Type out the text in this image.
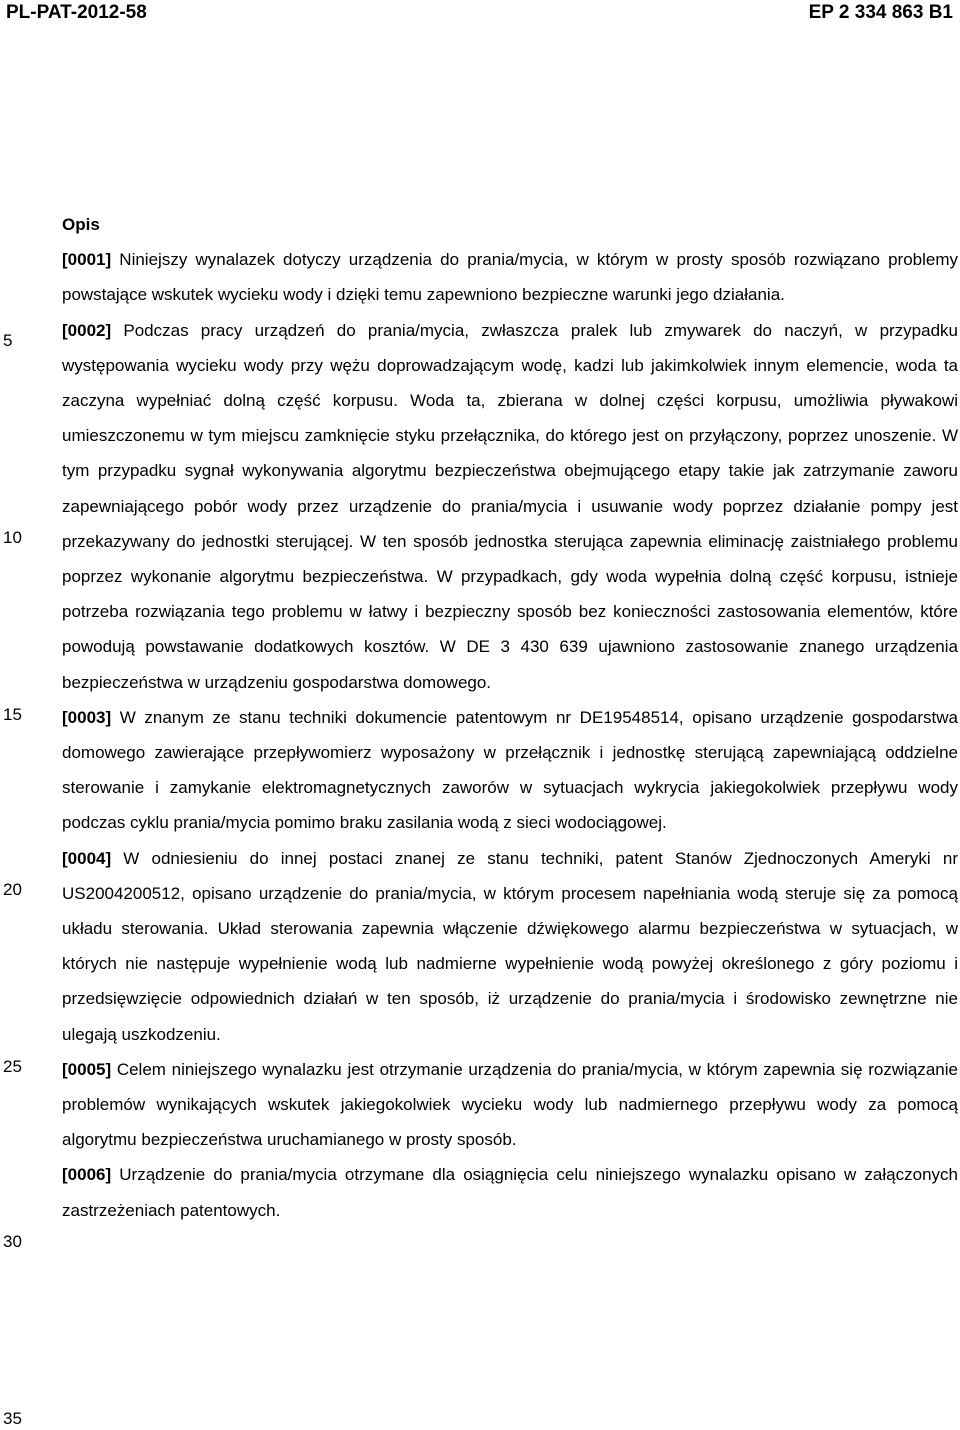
PL-PAT-2012-58	EP 2 334 863 B1
5
10
15
20
25
30
35

Opis

[0001] Niniejszy wynalazek dotyczy urządzenia do prania/mycia, w którym w prosty sposób rozwiązano problemy powstające wskutek wycieku wody i dzięki temu zapewniono bezpieczne warunki jego działania.

[0002] Podczas pracy urządzeń do prania/mycia, zwłaszcza pralek lub zmywarek do naczyń, w przypadku występowania wycieku wody przy wężu doprowadzającym wodę, kadzi lub jakimkolwiek innym elemencie, woda ta zaczyna wypełniać dolną część korpusu. Woda ta, zbierana w dolnej części korpusu, umożliwia pływakowi umieszczonemu w tym miejscu zamknięcie styku przełącznika, do którego jest on przyłączony, poprzez unoszenie. W tym przypadku sygnał wykonywania algorytmu bezpieczeństwa obejmującego etapy takie jak zatrzymanie zaworu zapewniającego pobór wody przez urządzenie do prania/mycia i usuwanie wody poprzez działanie pompy jest przekazywany do jednostki sterującej. W ten sposób jednostka sterująca zapewnia eliminację zaistniałego problemu poprzez wykonanie algorytmu bezpieczeństwa. W przypadkach, gdy woda wypełnia dolną część korpusu, istnieje potrzeba rozwiązania tego problemu w łatwy i bezpieczny sposób bez konieczności zastosowania elementów, które powodują powstawanie dodatkowych kosztów. W DE 3 430 639 ujawniono zastosowanie znanego urządzenia bezpieczeństwa w urządzeniu gospodarstwa domowego.

[0003] W znanym ze stanu techniki dokumencie patentowym nr DE19548514, opisano urządzenie gospodarstwa domowego zawierające przepływomierz wyposażony w przełącznik i jednostkę sterującą zapewniającą oddzielne sterowanie i zamykanie elektromagnetycznych zaworów w sytuacjach wykrycia jakiegokolwiek przepływu wody podczas cyklu prania/mycia pomimo braku zasilania wodą z sieci wodociągowej.

[0004] W odniesieniu do innej postaci znanej ze stanu techniki, patent Stanów Zjednoczonych Ameryki nr US2004200512, opisano urządzenie do prania/mycia, w którym procesem napełniania wodą steruje się za pomocą układu sterowania. Układ sterowania zapewnia włączenie dźwiękowego alarmu bezpieczeństwa w sytuacjach, w których nie następuje wypełnienie wodą lub nadmierne wypełnienie wodą powyżej określonego z góry poziomu i przedsięwzięcie odpowiednich działań w ten sposób, iż urządzenie do prania/mycia i środowisko zewnętrzne nie ulegają uszkodzeniu.

[0005] Celem niniejszego wynalazku jest otrzymanie urządzenia do prania/mycia, w którym zapewnia się rozwiązanie problemów wynikających wskutek jakiegokolwiek wycieku wody lub nadmiernego przepływu wody za pomocą algorytmu bezpieczeństwa uruchamianego w prosty sposób.

[0006] Urządzenie do prania/mycia otrzymane dla osiągnięcia celu niniejszego wynalazku opisano w załączonych zastrzeżeniach patentowych.
